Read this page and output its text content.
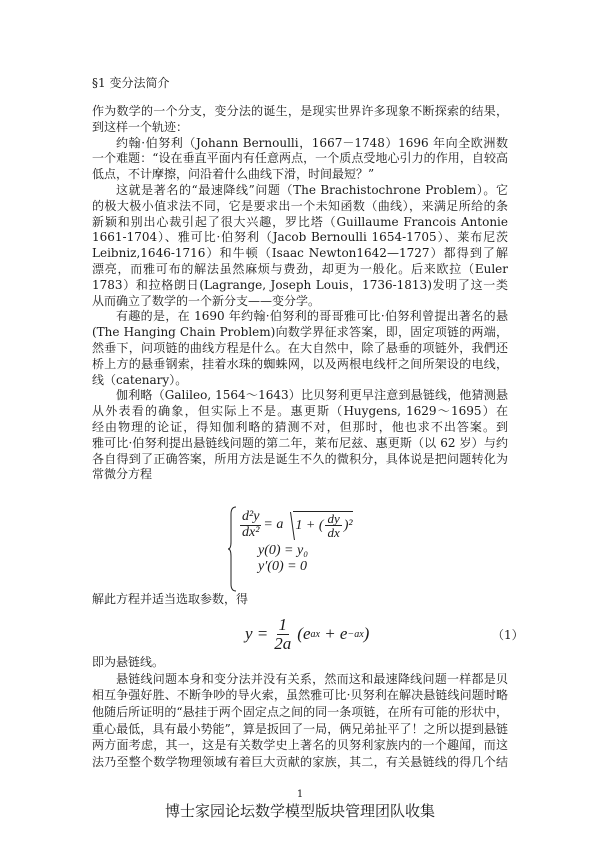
§1 变分法简介
作为数学的一个分支，变分法的诞生，是现实世界许多现象不断探索的结果，
到这样一个轨迹：
约翰·伯努利（Johann Bernoulli，1667－1748）1696 年向全欧洲数
一个难题：“设在垂直平面内有任意两点，一个质点受地心引力的作用，自较高
低点，不计摩擦，问沿着什么曲线下滑，时间最短？”
这就是著名的“最速降线”问题（The Brachistochrone Problem）。它
的极大极小值求法不同，它是要求出一个未知函数（曲线），来满足所给的条
新颖和别出心裁引起了很大兴趣，罗比塔（Guillaume Francois Antonie
1661-1704）、雅可比·伯努利（Jacob Bernoulli 1654-1705）、莱布尼茨
Leibniz,1646-1716）和牛顿（Isaac Newton1642—1727）都得到了解
漂亮，而雅可布的解法虽然麻烦与费劲，却更为一般化。后来欧拉（Euler
1783）和拉格朗日(Lagrange, Joseph Louis，1736-1813)发明了这一类
从而确立了数学的一个新分支——变分学。
有趣的是，在 1690 年约翰·伯努利的哥哥雅可比·伯努利曾提出著名的悬
(The Hanging Chain Problem)向数学界征求答案，即，固定项链的两端，
然垂下，问项链的曲线方程是什么。在大自然中，除了悬垂的项链外，我們还
桥上方的悬垂钢索，挂着水珠的蜘蛛网，以及两根电线杆之间所架设的电线，
线（catenary）。
伽利略（Galileo, 1564～1643）比贝努利更早注意到悬链线，他猜测悬
从外表看的确象，但实际上不是。惠更斯（Huygens, 1629～1695）在
经由物理的论证，得知伽利略的猜测不对，但那时，他也求不出答案。到
雅可比·伯努利提出悬链线问题的第二年，莱布尼兹、惠更斯（以 62 岁）与约
各自得到了正确答案，所用方法是诞生不久的微积分，具体说是把问题转化为
常微分方程
$\frac{\text{d²y}}{\text{dx²}} = a$ 1 + ( $\frac{dy}{dx} )^2$
y(0) = y₀
y′(0) = 0
解此方程并适当选取参数，得
$y = \frac{1}{2a} (e$ ax + e −ax )	（1）
即为悬链线。
悬链线问题本身和变分法并没有关系，然而这和最速降线问题一样都是贝
相互争强好胜、不断争吵的导火索，虽然雅可比·贝努利在解决悬链线问题时略
他随后所证明的“悬挂于两个固定点之间的同一条项链，在所有可能的形状中，
重心最低，具有最小势能”，算是扳回了一局，俩兄弟扯平了！之所以提到悬链
两方面考虑，其一，这是有关数学史上著名的贝努利家族内的一个趣闻，而这
法乃至整个数学物理领域有着巨大贡献的家族，其二，有关悬链线的得几个结
1
博士家园论坛数学模型版块管理团队收集
